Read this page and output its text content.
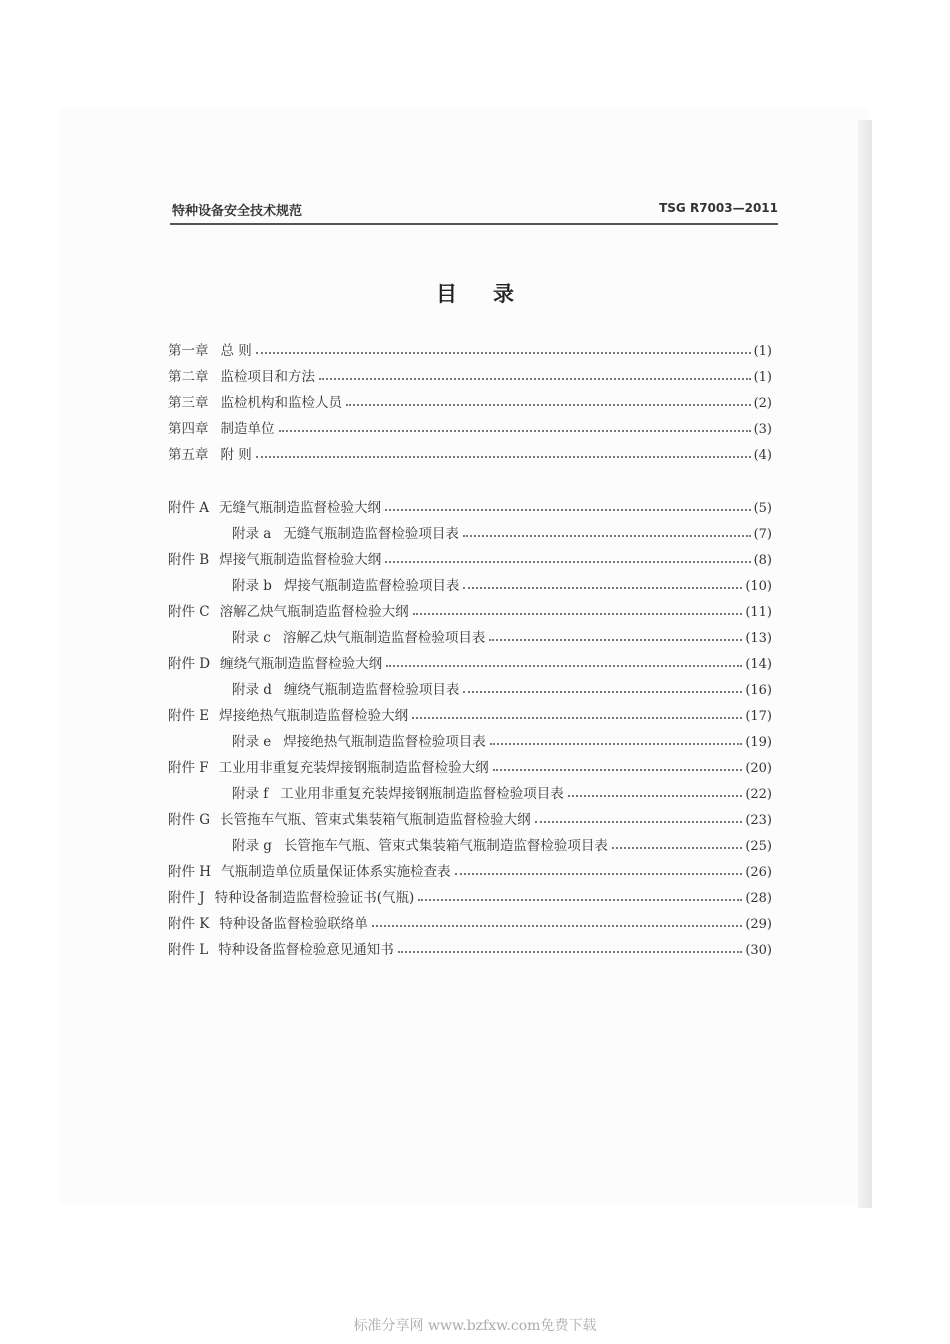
特种设备安全技术规范	TSG R7003—2011
目录
第一章 总 则	(1)
第二章 监检项目和方法	(1)
第三章 监检机构和监检人员	(2)
第四章 制造单位	(3)
第五章 附 则	(4)
附件 A 无缝气瓶制造监督检验大纲	(5)
附录 a 无缝气瓶制造监督检验项目表	(7)
附件 B 焊接气瓶制造监督检验大纲	(8)
附录 b 焊接气瓶制造监督检验项目表	(10)
附件 C 溶解乙炔气瓶制造监督检验大纲	(11)
附录 c 溶解乙炔气瓶制造监督检验项目表	(13)
附件 D 缠绕气瓶制造监督检验大纲	(14)
附录 d 缠绕气瓶制造监督检验项目表	(16)
附件 E 焊接绝热气瓶制造监督检验大纲	(17)
附录 e 焊接绝热气瓶制造监督检验项目表	(19)
附件 F 工业用非重复充装焊接钢瓶制造监督检验大纲	(20)
附录 f 工业用非重复充装焊接钢瓶制造监督检验项目表	(22)
附件 G 长管拖车气瓶、管束式集装箱气瓶制造监督检验大纲	(23)
附录 g 长管拖车气瓶、管束式集装箱气瓶制造监督检验项目表	(25)
附件 H 气瓶制造单位质量保证体系实施检查表	(26)
附件 J 特种设备制造监督检验证书(气瓶)	(28)
附件 K 特种设备监督检验联络单	(29)
附件 L 特种设备监督检验意见通知书	(30)
标准分享网 www.bzfxw.com免费下载
